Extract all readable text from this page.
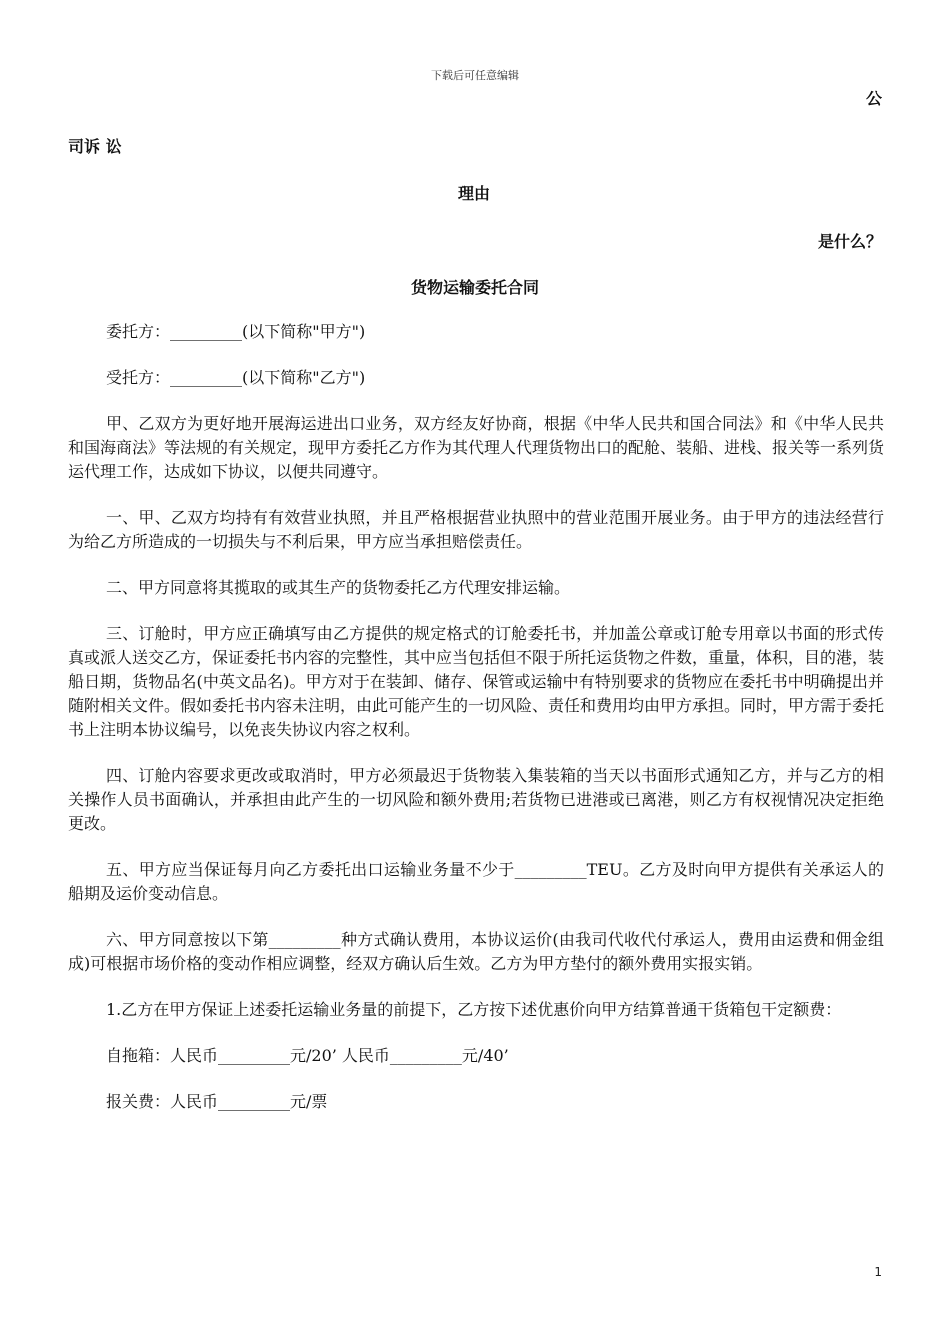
下载后可任意编辑
公
司诉 讼
理由
是什么？
货物运输委托合同

委托方：_________(以下简称"甲方")

受托方：_________(以下简称"乙方")

甲、乙双方为更好地开展海运进出口业务，双方经友好协商，根据《中华人民共和国合同法》和《中华人民共和国海商法》等法规的有关规定，现甲方委托乙方作为其代理人代理货物出口的配舱、装船、进栈、报关等一系列货运代理工作，达成如下协议，以便共同遵守。

一、甲、乙双方均持有有效营业执照，并且严格根据营业执照中的营业范围开展业务。由于甲方的违法经营行为给乙方所造成的一切损失与不利后果，甲方应当承担赔偿责任。

二、甲方同意将其揽取的或其生产的货物委托乙方代理安排运输。

三、订舱时，甲方应正确填写由乙方提供的规定格式的订舱委托书，并加盖公章或订舱专用章以书面的形式传真或派人送交乙方，保证委托书内容的完整性，其中应当包括但不限于所托运货物之件数，重量，体积，目的港，装船日期，货物品名(中英文品名)。甲方对于在装卸、储存、保管或运输中有特别要求的货物应在委托书中明确提出并随附相关文件。假如委托书内容未注明，由此可能产生的一切风险、责任和费用均由甲方承担。同时，甲方需于委托书上注明本协议编号，以免丧失协议内容之权利。

四、订舱内容要求更改或取消时，甲方必须最迟于货物装入集装箱的当天以书面形式通知乙方，并与乙方的相关操作人员书面确认，并承担由此产生的一切风险和额外费用;若货物已进港或已离港，则乙方有权视情况决定拒绝更改。

五、甲方应当保证每月向乙方委托出口运输业务量不少于_________TEU。乙方及时向甲方提供有关承运人的船期及运价变动信息。

六、甲方同意按以下第_________种方式确认费用，本协议运价(由我司代收代付承运人，费用由运费和佣金组成)可根据市场价格的变动作相应调整，经双方确认后生效。乙方为甲方垫付的额外费用实报实销。

1.乙方在甲方保证上述委托运输业务量的前提下，乙方按下述优惠价向甲方结算普通干货箱包干定额费：

自拖箱：人民币_________元/20’ 人民币_________元/40’

报关费：人民币_________元/票

1
